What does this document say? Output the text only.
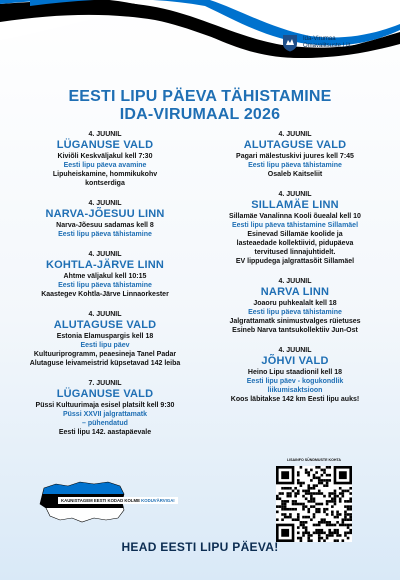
Ida-Virumaa
Omavalitsuste Liit
EESTI LIPU PÄEVA TÄHISTAMINE
IDA-VIRUMAAL 2026
4. JUUNIL
LÜGANUSE VALD
Kiviõli Keskväljakul kell 7:30
Eesti lipu päeva avamine
Lipuheiskamine, hommikukohv
kontserdiga
4. JUUNIL
NARVA-JÕESUU LINN
Narva-Jõesuu sadamas kell 8
Eesti lipu päeva tähistamine
4. JUUNIL
KOHTLA-JÄRVE LINN
Ahtme väljakul kell 10:15
Eesti lipu päeva tähistamine
Kaastegev Kohtla-Järve Linnaorkester
4. JUUNIL
ALUTAGUSE VALD
Estonia Elamuspargis kell 18
Eesti lipu päev
Kultuuriprogramm, peaesineja Tanel Padar
Alutaguse leivameistrid küpsetavad 142 leiba
7. JUUNIL
LÜGANUSE VALD
Püssi Kultuurimaja esisel platsilt kell 9:30
Püssi XXVII jalgrattamatk
– pühendatud
Eesti lipu 142. aastapäevale
4. JUUNIL
ALUTAGUSE VALD
Pagari mälestuskivi juures kell 7:45
Eesti lipu päeva tähistamine
Osaleb Kaitseliit
4. JUUNIL
SILLAMÄE LINN
Sillamäe Vanalinna Kooli õuealal kell 10
Eesti lipu päeva tähistamine Sillamäel
Esinevad Sillamäe koolide ja
lasteaedade kollektiivid, pidupäeva
tervitused linnajuhtidelt.
EV lippudega jalgrattasõit Sillamäel
4. JUUNIL
NARVA LINN
Joaoru puhkealalt kell 18
Eesti lipu päeva tähistamine
Jalgrattamatk sinimustvalges rüietuses
Esineb Narva tantsukollektiiv Jun-Ost
4. JUUNIL
JÕHVI VALD
Heino Lipu staadionil kell 18
Eesti lipu päev - kogukondlik
liikumisaktsioon
Koos läbitakse 142 km Eesti lipu auks!
KAUNISTAGEM EESTI KODAD KOLME KODUVÄRVIGA!
LISAINFO SÜNDMUSTE KOHTA
HEAD EESTI LIPU PÄEVA!
